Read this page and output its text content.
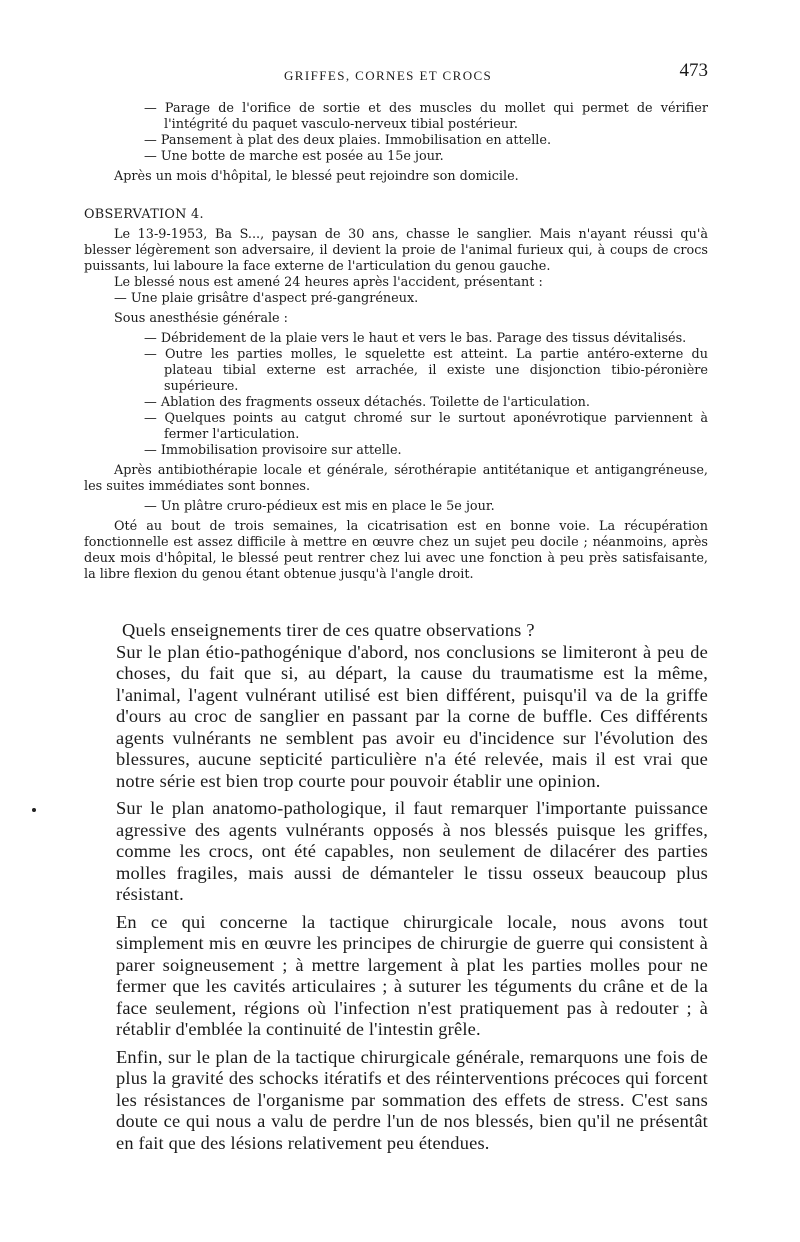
GRIFFES, CORNES ET CROCS	473

— Parage de l'orifice de sortie et des muscles du mollet qui permet de vérifier l'intégrité du paquet vasculo-nerveux tibial postérieur.

— Pansement à plat des deux plaies. Immobilisation en attelle.

— Une botte de marche est posée au 15e jour.

Après un mois d'hôpital, le blessé peut rejoindre son domicile.

OBSERVATION 4.

Le 13-9-1953, Ba S..., paysan de 30 ans, chasse le sanglier. Mais n'ayant réussi qu'à blesser légèrement son adversaire, il devient la proie de l'animal furieux qui, à coups de crocs puissants, lui laboure la face externe de l'articulation du genou gauche.

Le blessé nous est amené 24 heures après l'accident, présentant :

— Une plaie grisâtre d'aspect pré-gangréneux.

Sous anesthésie générale :

— Débridement de la plaie vers le haut et vers le bas. Parage des tissus dévitalisés.

— Outre les parties molles, le squelette est atteint. La partie antéro-externe du plateau tibial externe est arrachée, il existe une disjonction tibio-péronière supérieure.

— Ablation des fragments osseux détachés. Toilette de l'articulation.

— Quelques points au catgut chromé sur le surtout aponévrotique parviennent à fermer l'articulation.

— Immobilisation provisoire sur attelle.

Après antibiothérapie locale et générale, sérothérapie antitétanique et antigangréneuse, les suites immédiates sont bonnes.

— Un plâtre cruro-pédieux est mis en place le 5e jour.

Oté au bout de trois semaines, la cicatrisation est en bonne voie. La récupération fonctionnelle est assez difficile à mettre en œuvre chez un sujet peu docile ; néanmoins, après deux mois d'hôpital, le blessé peut rentrer chez lui avec une fonction à peu près satisfaisante, la libre flexion du genou étant obtenue jusqu'à l'angle droit.

Quels enseignements tirer de ces quatre observations ?

Sur le plan étio-pathogénique d'abord, nos conclusions se limiteront à peu de choses, du fait que si, au départ, la cause du traumatisme est la même, l'animal, l'agent vulnérant utilisé est bien différent, puisqu'il va de la griffe d'ours au croc de sanglier en passant par la corne de buffle. Ces différents agents vulnérants ne semblent pas avoir eu d'incidence sur l'évolution des blessures, aucune septicité particulière n'a été relevée, mais il est vrai que notre série est bien trop courte pour pouvoir établir une opinion.

Sur le plan anatomo-pathologique, il faut remarquer l'importante puissance agressive des agents vulnérants opposés à nos blessés puisque les griffes, comme les crocs, ont été capables, non seulement de dilacérer des parties molles fragiles, mais aussi de démanteler le tissu osseux beaucoup plus résistant.

En ce qui concerne la tactique chirurgicale locale, nous avons tout simplement mis en œuvre les principes de chirurgie de guerre qui consistent à parer soigneusement ; à mettre largement à plat les parties molles pour ne fermer que les cavités articulaires ; à suturer les téguments du crâne et de la face seulement, régions où l'infection n'est pratiquement pas à redouter ; à rétablir d'emblée la continuité de l'intestin grêle.

Enfin, sur le plan de la tactique chirurgicale générale, remarquons une fois de plus la gravité des schocks itératifs et des réinterventions précoces qui forcent les résistances de l'organisme par sommation des effets de stress. C'est sans doute ce qui nous a valu de perdre l'un de nos blessés, bien qu'il ne présentât en fait que des lésions relativement peu étendues.
